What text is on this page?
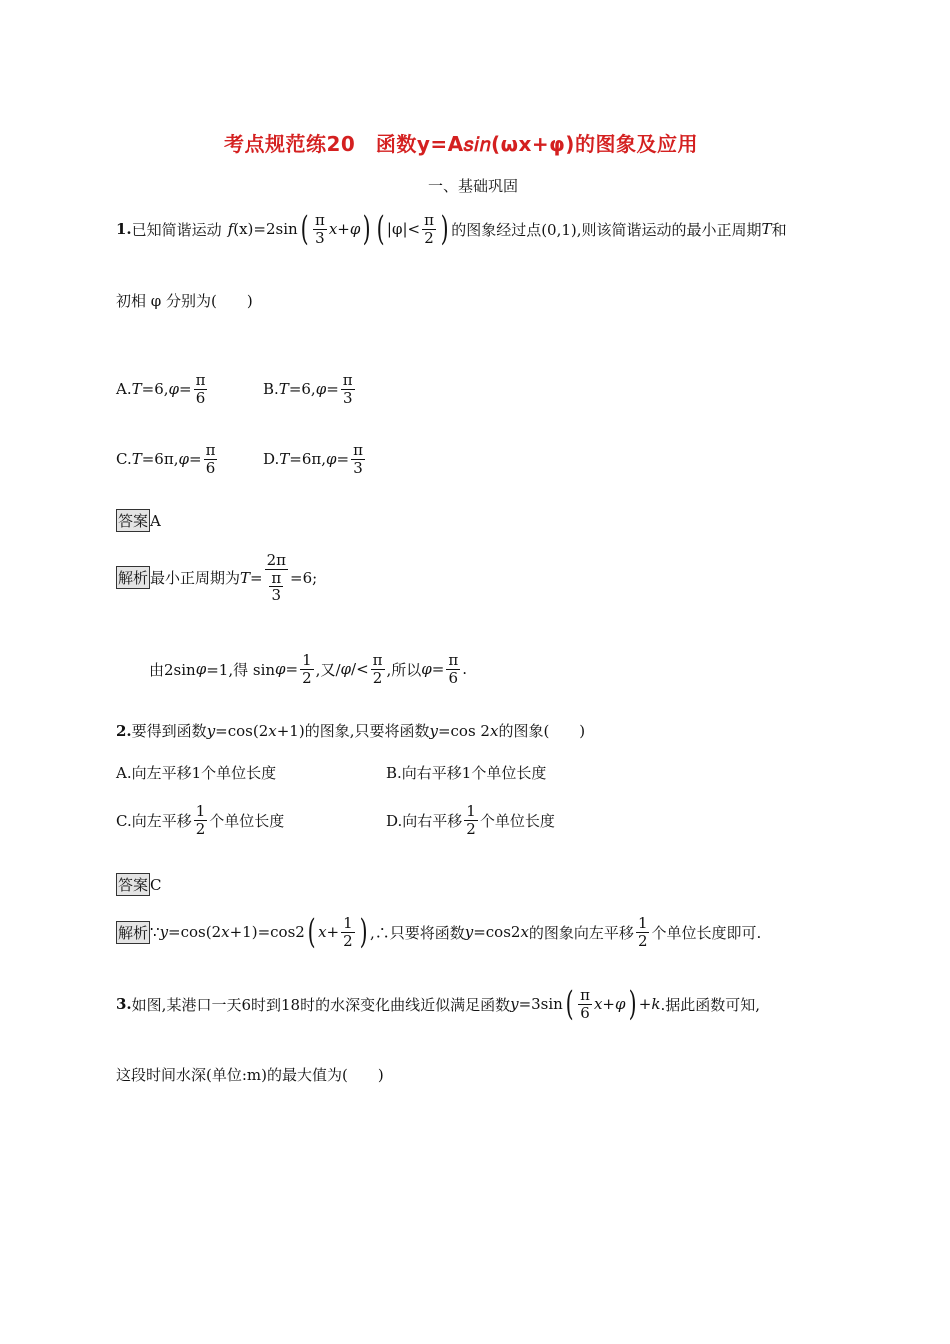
考点规范练20　函数y=A𝑠𝑖𝑛(ωx+φ)的图象及应用
一、基础巩固
1. 已知简谐运动 f (x) =2sin ( $\frac{\pi}{3} x+\varphi$ ) ( $|\varphi|< \frac{\pi}{2}$ ) 的图象经过点(0,1),则该简谐运动的最小正周期 T 和
初相 φ 分别为(　　)
A. T =6, $\varphi = \frac{\pi}{6}$	B. T =6, $\varphi = \frac{\pi}{3}$
C. T =6π, $\varphi = \frac{\pi}{6}$	D. T =6π, $\varphi = \frac{\pi}{3}$
答案 A
解析 最小正周期为 $T = \frac{2\pi}{\frac{\pi}{3}} =6$;
由2sin φ =1,得 $\sin \varphi = \frac{1}{2}$ ,又/ $\varphi /< \frac{\pi}{2}$ ,所以 $\varphi = \frac{\pi}{6}$ .
2. 要得到函数 y =cos(2 x +1)的图象,只要将函数 y =cos 2 x 的图象(　　)
A.向左平移1个单位长度	B.向右平移1个单位长度
C.向左平移 $\frac{1}{2}$ 个单位长度	D.向右平移 $\frac{1}{2}$ 个单位长度
答案 C
解析 ∵ y =cos(2 x +1)=cos2 ( $x+ \frac{1}{2}$ ) ,∴只要将函数 y =cos2 x 的图象向左平移 $\frac{1}{2}$ 个单位长度即可.
3. 如图,某港口一天6时到18时的水深变化曲线近似满足函数 y =3sin ( $\frac{\pi}{6} x+\varphi$ ) + k .据此函数可知,
这段时间水深(单位:m)的最大值为(　　)
